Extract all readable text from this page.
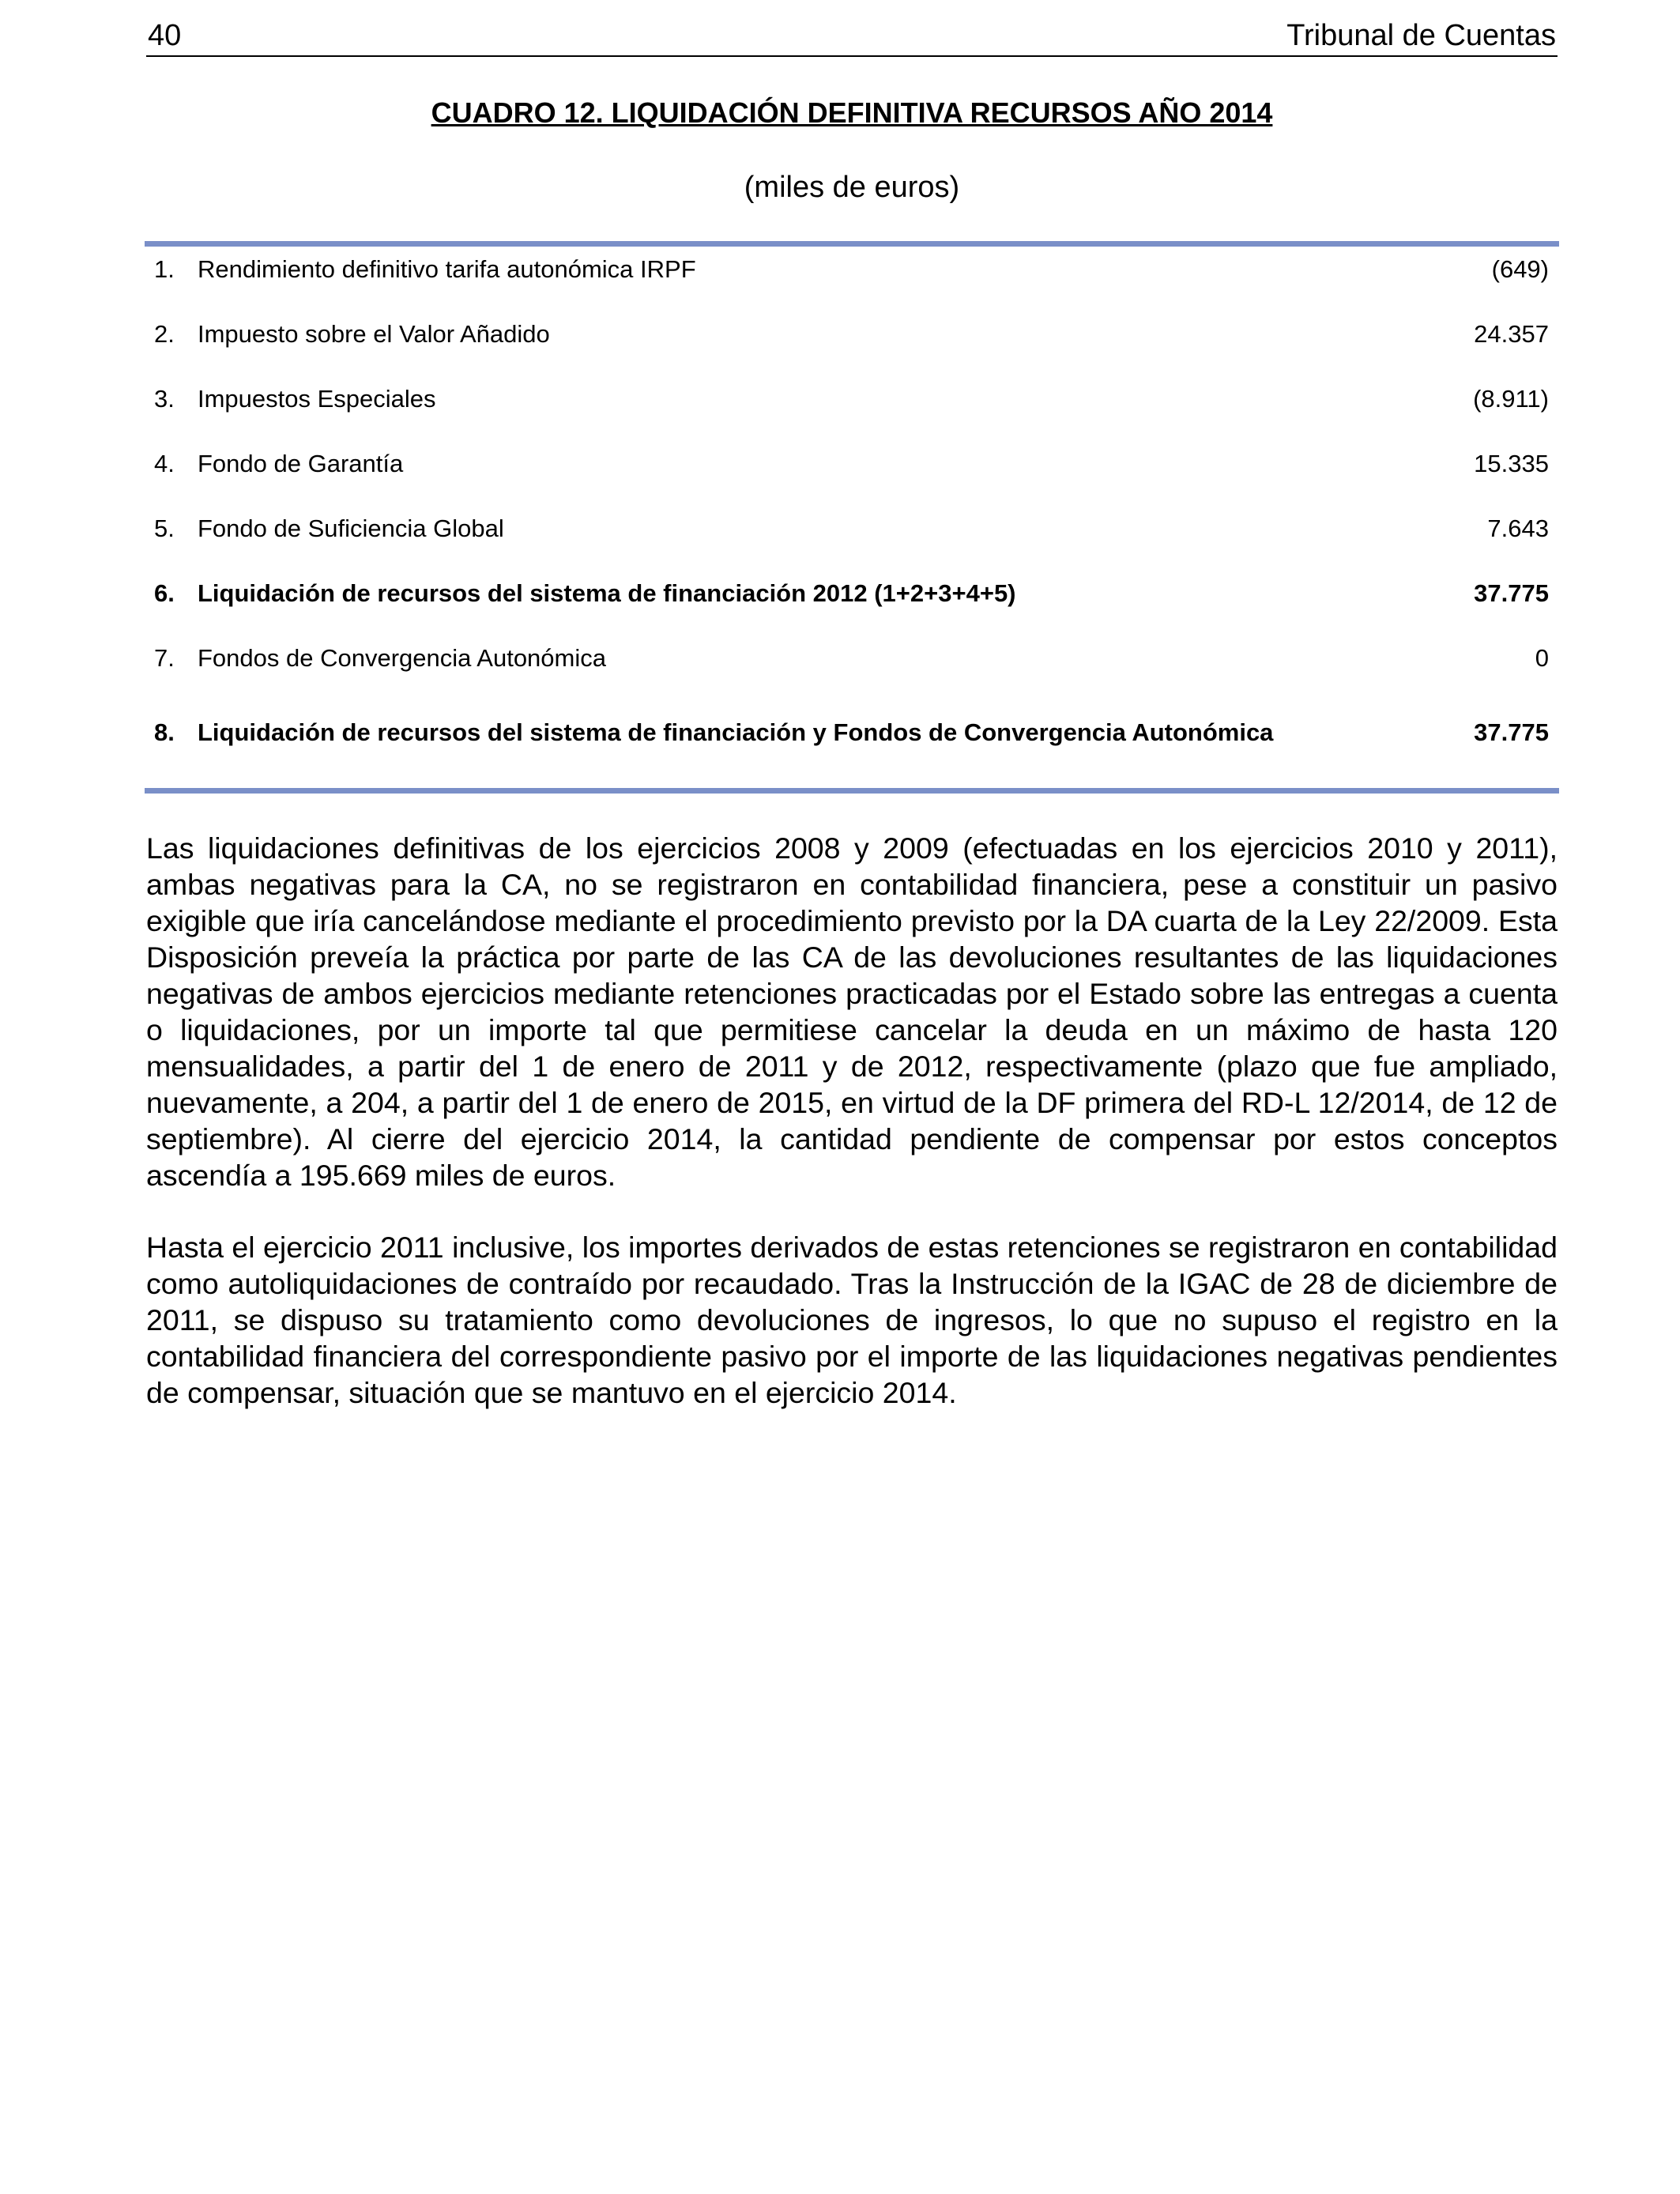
40	Tribunal de Cuentas
CUADRO 12. LIQUIDACIÓN DEFINITIVA RECURSOS AÑO 2014
(miles de euros)
1. Rendimiento definitivo tarifa autonómica IRPF	(649)
2. Impuesto sobre el Valor Añadido	24.357
3. Impuestos Especiales	(8.911)
4. Fondo de Garantía	15.335
5. Fondo de Suficiencia Global	7.643
6. Liquidación de recursos del sistema de financiación 2012 (1+2+3+4+5)	37.775
7. Fondos de Convergencia Autonómica	0
8. Liquidación de recursos del sistema de financiación y Fondos de Convergencia Autonómica	37.775

Las liquidaciones definitivas de los ejercicios 2008 y 2009 (efectuadas en los ejercicios 2010 y 2011), ambas negativas para la CA, no se registraron en contabilidad financiera, pese a constituir un pasivo exigible que iría cancelándose mediante el procedimiento previsto por la DA cuarta de la Ley 22/2009. Esta Disposición preveía la práctica por parte de las CA de las devoluciones resultantes de las liquidaciones negativas de ambos ejercicios mediante retenciones practicadas por el Estado sobre las entregas a cuenta o liquidaciones, por un importe tal que permitiese cancelar la deuda en un máximo de hasta 120 mensualidades, a partir del 1 de enero de 2011 y de 2012, respectivamente (plazo que fue ampliado, nuevamente, a 204, a partir del 1 de enero de 2015, en virtud de la DF primera del RD-L 12/2014, de 12 de septiembre). Al cierre del ejercicio 2014, la cantidad pendiente de compensar por estos conceptos ascendía a 195.669 miles de euros.

Hasta el ejercicio 2011 inclusive, los importes derivados de estas retenciones se registraron en contabilidad como autoliquidaciones de contraído por recaudado. Tras la Instrucción de la IGAC de 28 de diciembre de 2011, se dispuso su tratamiento como devoluciones de ingresos, lo que no supuso el registro en la contabilidad financiera del correspondiente pasivo por el importe de las liquidaciones negativas pendientes de compensar, situación que se mantuvo en el ejercicio 2014.
